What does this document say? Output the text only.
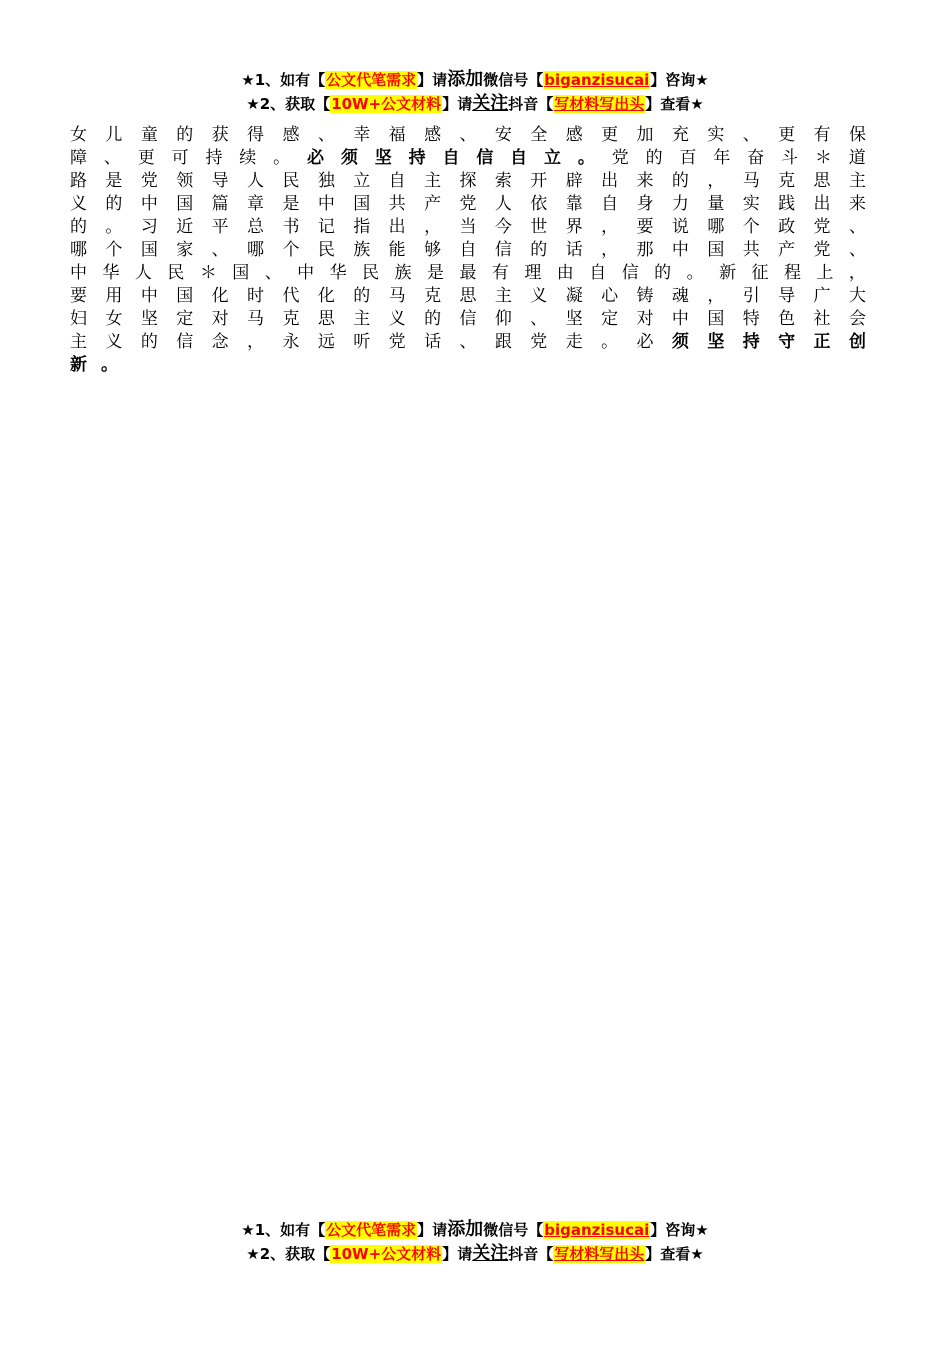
★1、如有【公文代笔需求】请添加微信号【biganzisucai】咨询★
★2、获取【10W+公文材料】请关注抖音【写材料写出头】查看★
女 儿 童 的 获 得 感 、 幸 福 感 、 安 全 感 更 加 充 实 、 更 有 保
障 、 更 可 持 续 。 必 须 坚 持 自 信 自 立 。 党 的 百 年 奋 斗 ＊ 道
路 是 党 领 导 人 民 独 立 自 主 探 索 开 辟 出 来 的 ， 马 克 思 主
义 的 中 国 篇 章 是 中 国 共 产 党 人 依 靠 自 身 力 量 实 践 出 来
的 。 习 近 平 总 书 记 指 出 ， 当 今 世 界 ， 要 说 哪 个 政 党 、
哪 个 国 家 、 哪 个 民 族 能 够 自 信 的 话 ， 那 中 国 共 产 党 、
中 华 人 民 ＊ 国 、 中 华 民 族 是 最 有 理 由 自 信 的 。 新 征 程 上 ，
要 用 中 国 化 时 代 化 的 马 克 思 主 义 凝 心 铸 魂 ， 引 导 广 大
妇 女 坚 定 对 马 克 思 主 义 的 信 仰 、 坚 定 对 中 国 特 色 社 会
主 义 的 信 念 ， 永 远 听 党 话 、 跟 党 走 。 必 须 坚 持 守 正 创
新 。
★1、如有【公文代笔需求】请添加微信号【biganzisucai】咨询★
★2、获取【10W+公文材料】请关注抖音【写材料写出头】查看★
